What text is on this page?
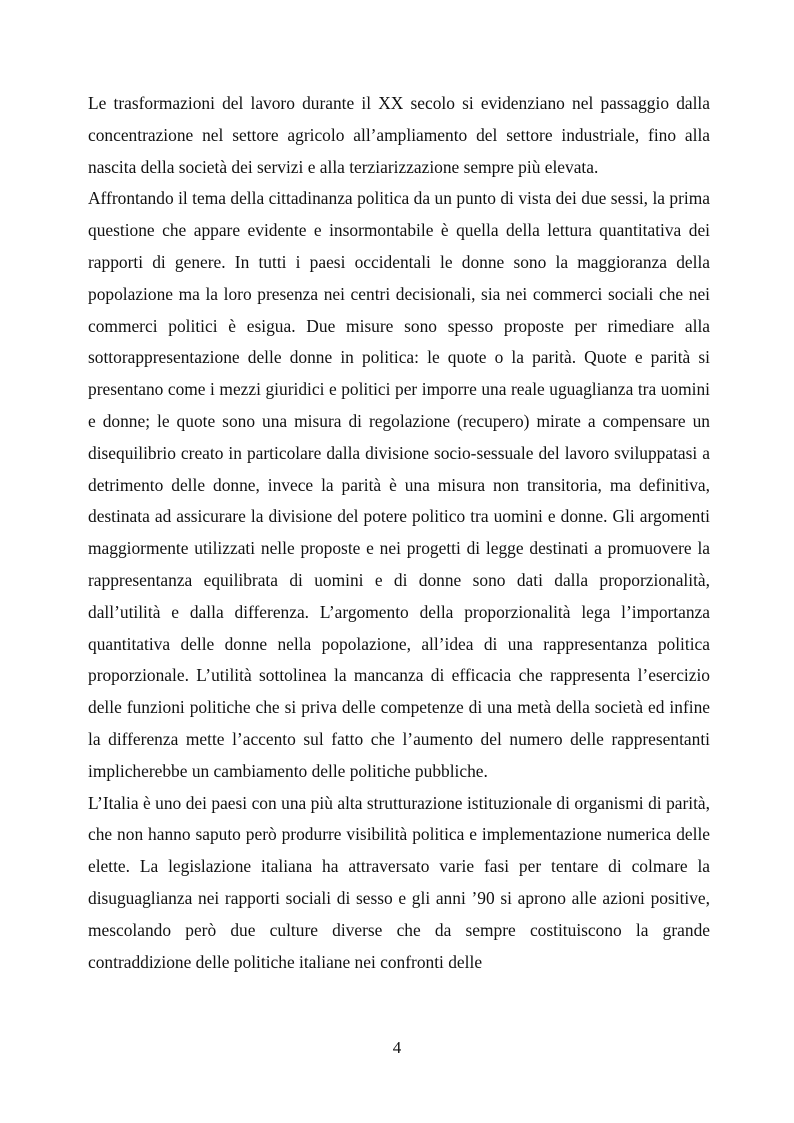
Le trasformazioni del lavoro durante il XX secolo si evidenziano nel passaggio dalla concentrazione nel settore agricolo all’ampliamento del settore industriale, fino alla nascita della società dei servizi e alla terziarizzazione sempre più elevata.

Affrontando il tema della cittadinanza politica da un punto di vista dei due sessi, la prima questione che appare evidente e insormontabile è quella della lettura quantitativa dei rapporti di genere. In tutti i paesi occidentali le donne sono la maggioranza della popolazione ma la loro presenza nei centri decisionali, sia nei commerci sociali che nei commerci politici è esigua. Due misure sono spesso proposte per rimediare alla sottorappresentazione delle donne in politica: le quote o la parità. Quote e parità si presentano come i mezzi giuridici e politici per imporre una reale uguaglianza tra uomini e donne; le quote sono una misura di regolazione (recupero) mirate a compensare un disequilibrio creato in particolare dalla divisione socio-sessuale del lavoro sviluppatasi a detrimento delle donne, invece la parità è una misura non transitoria, ma definitiva, destinata ad assicurare la divisione del potere politico tra uomini e donne. Gli argomenti maggiormente utilizzati nelle proposte e nei progetti di legge destinati a promuovere la rappresentanza equilibrata di uomini e di donne sono dati dalla proporzionalità, dall’utilità e dalla differenza. L’argomento della proporzionalità lega l’importanza quantitativa delle donne nella popolazione, all’idea di una rappresentanza politica proporzionale. L’utilità sottolinea la mancanza di efficacia che rappresenta l’esercizio delle funzioni politiche che si priva delle competenze di una metà della società ed infine la differenza mette l’accento sul fatto che l’aumento del numero delle rappresentanti implicherebbe un cambiamento delle politiche pubbliche.

L’Italia è uno dei paesi con una più alta strutturazione istituzionale di organismi di parità, che non hanno saputo però produrre visibilità politica e implementazione numerica delle elette. La legislazione italiana ha attraversato varie fasi per tentare di colmare la disuguaglianza nei rapporti sociali di sesso e gli anni ’90 si aprono alle azioni positive, mescolando però due culture diverse che da sempre costituiscono la grande contraddizione delle politiche italiane nei confronti delle

4
